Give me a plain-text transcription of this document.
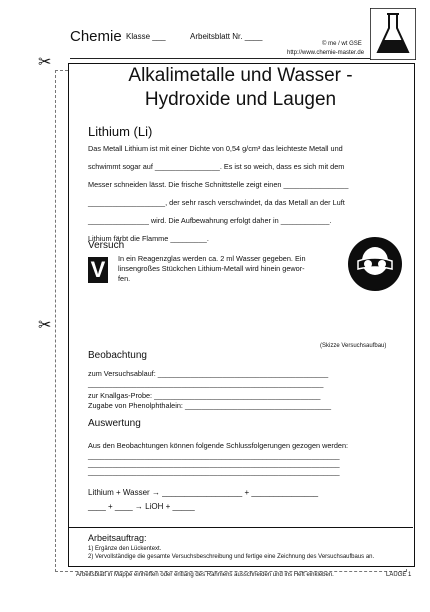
✂
✂
Chemie Klasse ___	Arbeitsblatt Nr. ____
© me / wt GSE
http://www.chemie-master.de
Alkalimetalle und Wasser -
Hydroxide und Laugen
Lithium (Li)
Das Metall Lithium ist mit einer Dichte von 0,54 g/cm³ das leichteste Metall und
schwimmt sogar auf ________________. Es ist so weich, dass es sich mit dem
Messer schneiden lässt. Die frische Schnittstelle zeigt einen ________________
___________________, der sehr rasch verschwindet, da das Metall an der Luft
_______________ wird. Die Aufbewahrung erfolgt daher in ____________.
Lithium färbt die Flamme _________.
Versuch
V	In ein Reagenzglas werden ca. 2 ml Wasser gegeben. Ein
linsengroßes Stückchen Lithium-Metall wird hinein gewor-
fen.
(Skizze Versuchsaufbau)
Beobachtung
zum Versuchsablauf: __________________________________________
__________________________________________________________
zur Knallgas-Probe: _________________________________________
Zugabe von Phenolphthalein: ____________________________________
Auswertung
Aus den Beobachtungen können folgende Schlussfolgerungen gezogen werden:
______________________________________________________________
______________________________________________________________
______________________________________________________________
Lithium + Wasser → __________________ + _______________
____ + ____ → LiOH + _____
Arbeitsauftrag:
1) Ergänze den Lückentext.
2) Vervollständige die gesamte Versuchsbeschreibung und fertige eine Zeichnung des Versuchsaufbaus an.
Arbeitsblatt in Mappe einheften oder entlang des Rahmens ausschneiden und ins Heft einkleben.	LAUGE 1
